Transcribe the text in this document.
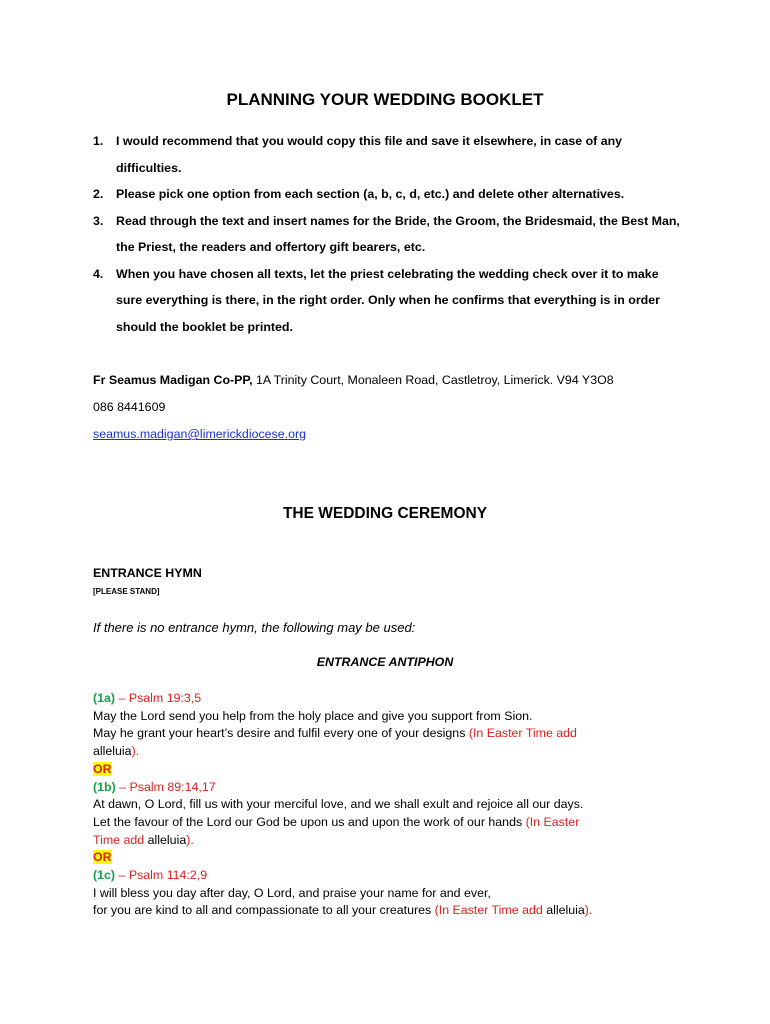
PLANNING YOUR WEDDING BOOKLET
1. I would recommend that you would copy this file and save it elsewhere, in case of any difficulties.
2. Please pick one option from each section (a, b, c, d, etc.) and delete other alternatives.
3. Read through the text and insert names for the Bride, the Groom, the Bridesmaid, the Best Man, the Priest, the readers and offertory gift bearers, etc.
4. When you have chosen all texts, let the priest celebrating the wedding check over it to make sure everything is there, in the right order. Only when he confirms that everything is in order should the booklet be printed.
Fr Seamus Madigan Co-PP, 1A Trinity Court, Monaleen Road, Castletroy, Limerick. V94 Y3O8
086 8441609
seamus.madigan@limerickdiocese.org
THE WEDDING CEREMONY
ENTRANCE HYMN
[PLEASE STAND]
If there is no entrance hymn, the following may be used:
ENTRANCE ANTIPHON
(1a) – Psalm 19:3,5
May the Lord send you help from the holy place and give you support from Sion.
May he grant your heart’s desire and fulfil every one of your designs (In Easter Time add
alleluia).
OR
(1b) – Psalm 89:14,17
At dawn, O Lord, fill us with your merciful love, and we shall exult and rejoice all our days.
Let the favour of the Lord our God be upon us and upon the work of our hands (In Easter
Time add alleluia).
OR
(1c) – Psalm 114:2,9
I will bless you day after day, O Lord, and praise your name for and ever,
for you are kind to all and compassionate to all your creatures (In Easter Time add alleluia).
